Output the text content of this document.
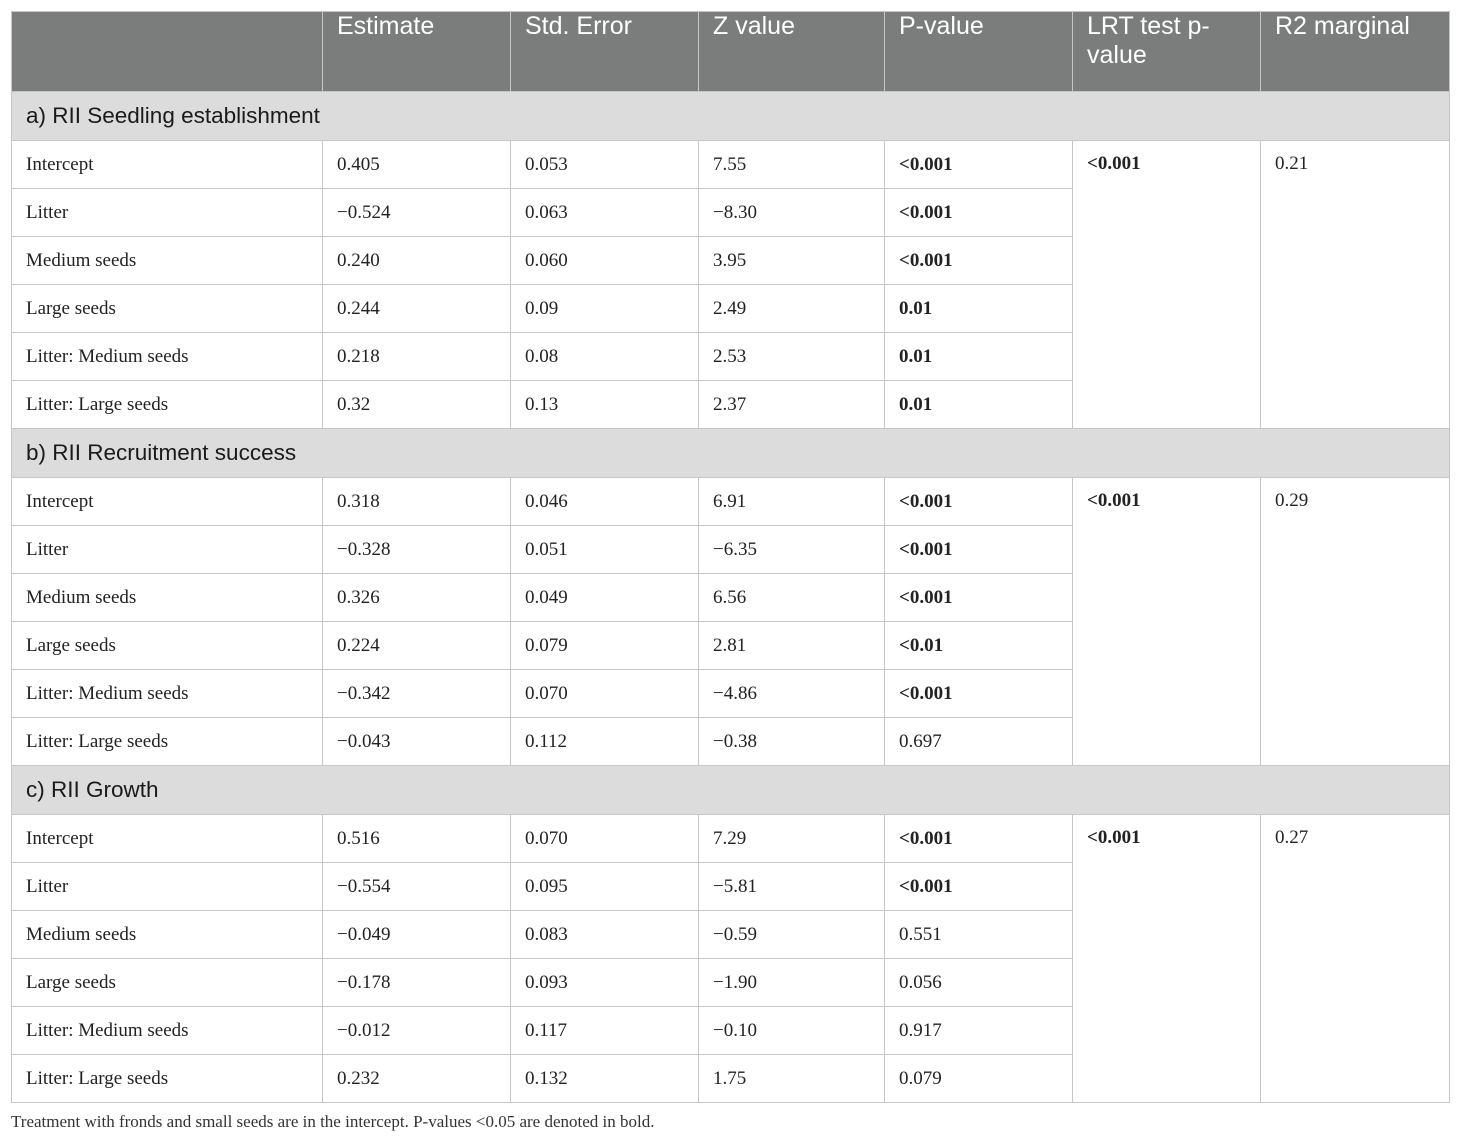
	Estimate	Std. Error	Z value	P-value	LRT test p-value	R2 marginal
a) RII Seedling establishment						
Intercept	0.405	0.053	7.55	<0.001	<0.001	0.21
Litter	−0.524	0.063	−8.30	<0.001		
Medium seeds	0.240	0.060	3.95	<0.001		
Large seeds	0.244	0.09	2.49	0.01		
Litter: Medium seeds	0.218	0.08	2.53	0.01		
Litter: Large seeds	0.32	0.13	2.37	0.01		
b) RII Recruitment success						
Intercept	0.318	0.046	6.91	<0.001	<0.001	0.29
Litter	−0.328	0.051	−6.35	<0.001		
Medium seeds	0.326	0.049	6.56	<0.001		
Large seeds	0.224	0.079	2.81	<0.01		
Litter: Medium seeds	−0.342	0.070	−4.86	<0.001		
Litter: Large seeds	−0.043	0.112	−0.38	0.697		
c) RII Growth						
Intercept	0.516	0.070	7.29	<0.001	<0.001	0.27
Litter	−0.554	0.095	−5.81	<0.001		
Medium seeds	−0.049	0.083	−0.59	0.551		
Large seeds	−0.178	0.093	−1.90	0.056		
Litter: Medium seeds	−0.012	0.117	−0.10	0.917		
Litter: Large seeds	0.232	0.132	1.75	0.079		
Treatment with fronds and small seeds are in the intercept. P-values <0.05 are denoted in bold.
